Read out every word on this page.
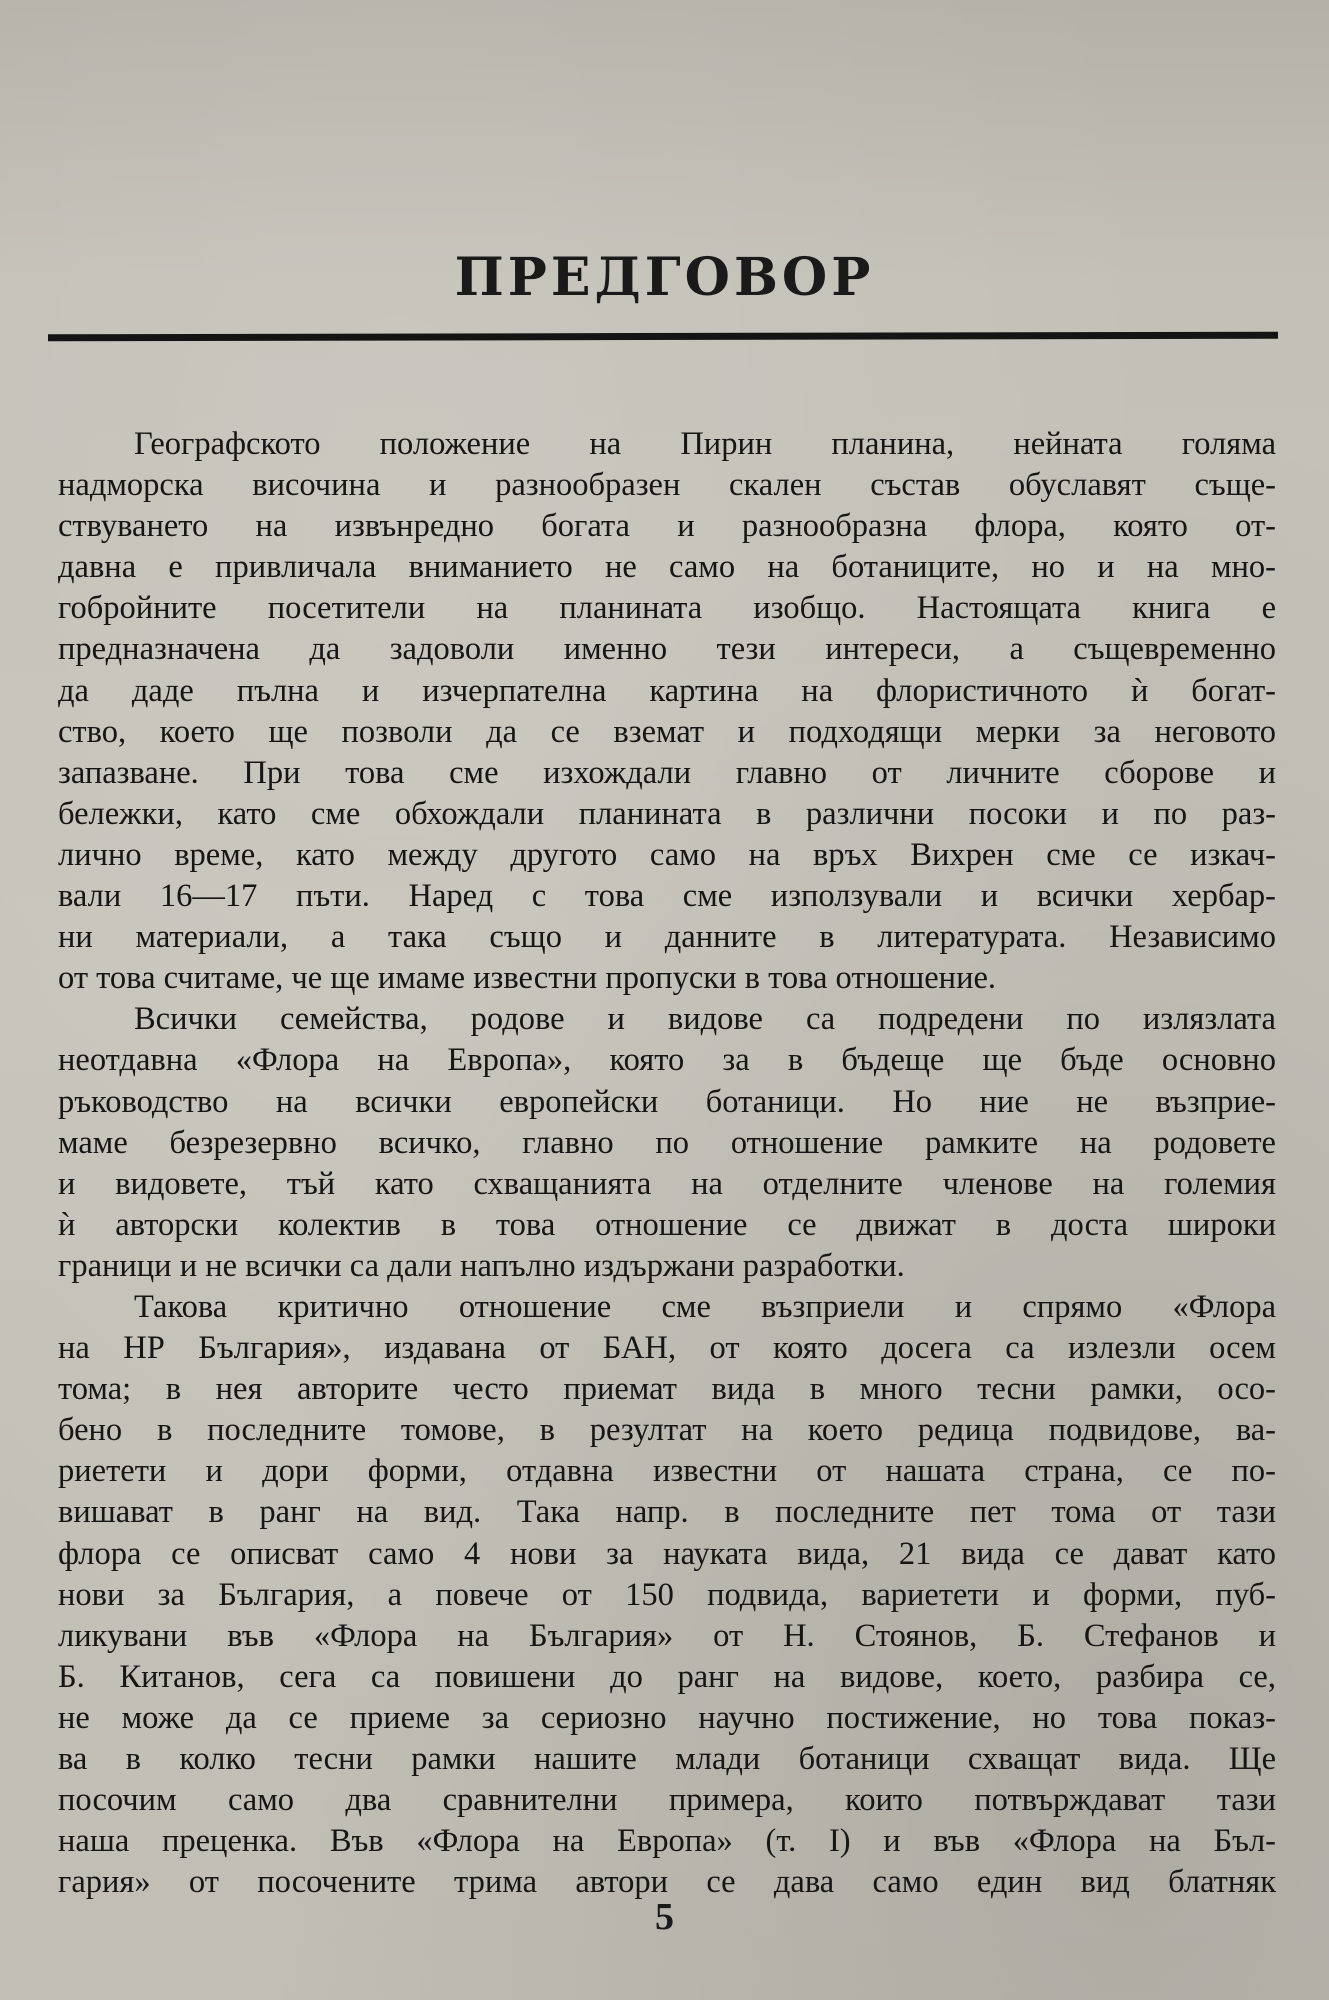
ПРЕДГОВОР
Географското положение на Пирин планина, нейната голяма
надморска височина и разнообразен скален състав обуславят съще-
ствуването на извънредно богата и разнообразна флора, която от-
давна е привличала вниманието не само на ботаниците, но и на мно-
гобройните посетители на планината изобщо. Настоящата книга е
предназначена да задоволи именно тези интереси, а същевременно
да даде пълна и изчерпателна картина на флористичното ѝ богат-
ство, което ще позволи да се вземат и подходящи мерки за неговото
запазване. При това сме изхождали главно от личните сборове и
бележки, като сме обхождали планината в различни посоки и по раз-
лично време, като между другото само на връх Вихрен сме се изкач-
вали 16—17 пъти. Наред с това сме използували и всички хербар-
ни материали, а така също и данните в литературата. Независимо
от това считаме, че ще имаме известни пропуски в това отношение.
Всички семейства, родове и видове са подредени по излязлата
неотдавна «Флора на Европа», която за в бъдеще ще бъде основно
ръководство на всички европейски ботаници. Но ние не възприе-
маме безрезервно всичко, главно по отношение рамките на родовете
и видовете, тъй като схващанията на отделните членове на големия
ѝ авторски колектив в това отношение се движат в доста широки
граници и не всички са дали напълно издържани разработки.
Такова критично отношение сме възприели и спрямо «Флора
на НР България», издавана от БАН, от която досега са излезли осем
тома; в нея авторите често приемат вида в много тесни рамки, осо-
бено в последните томове, в резултат на което редица подвидове, ва-
риетети и дори форми, отдавна известни от нашата страна, се по-
вишават в ранг на вид. Така напр. в последните пет тома от тази
флора се описват само 4 нови за науката вида, 21 вида се дават като
нови за България, а повече от 150 подвида, вариетети и форми, пуб-
ликувани във «Флора на България» от Н. Стоянов, Б. Стефанов и
Б. Китанов, сега са повишени до ранг на видове, което, разбира се,
не може да се приеме за сериозно научно постижение, но това показ-
ва в колко тесни рамки нашите млади ботаници схващат вида. Ще
посочим само два сравнителни примера, които потвърждават тази
наша преценка. Във «Флора на Европа» (т. I) и във «Флора на Бъл-
гария» от посочените трима автори се дава само един вид блатняк
5
